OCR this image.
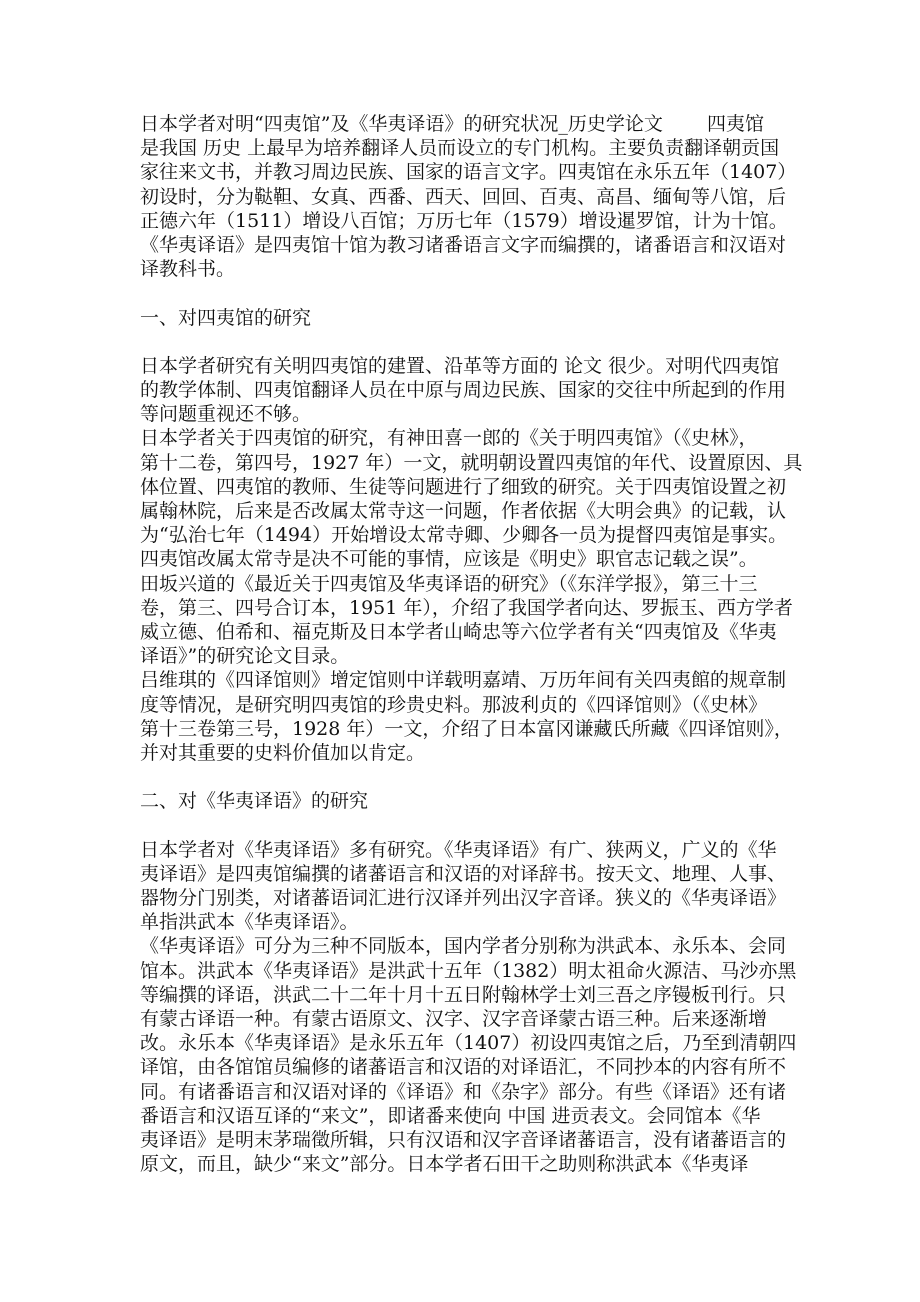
日本学者对明“四夷馆”及《华夷译语》的研究状况_历史学论文　　 四夷馆
是我国 历史 上最早为培养翻译人员而设立的专门机构。主要负责翻译朝贡国
家往来文书，并教习周边民族、国家的语言文字。四夷馆在永乐五年（1407）
初设时，分为鞑靼、女真、西番、西天、回回、百夷、高昌、缅甸等八馆，后
正德六年（1511）增设八百馆；万历七年（1579）增设暹罗馆，计为十馆。
《华夷译语》是四夷馆十馆为教习诸番语言文字而编撰的，诸番语言和汉语对
译教科书。
一、对四夷馆的研究
日本学者研究有关明四夷馆的建置、沿革等方面的 论文 很少。对明代四夷馆
的教学体制、四夷馆翻译人员在中原与周边民族、国家的交往中所起到的作用
等问题重视还不够。
日本学者关于四夷馆的研究，有神田喜一郎的《关于明四夷馆》（《史林》，
第十二卷，第四号，1927 年）一文，就明朝设置四夷馆的年代、设置原因、具
体位置、四夷馆的教师、生徒等问题进行了细致的研究。关于四夷馆设置之初
属翰林院，后来是否改属太常寺这一问题，作者依据《大明会典》的记载，认
为“弘治七年（1494）开始增设太常寺卿、少卿各一员为提督四夷馆是事实。
四夷馆改属太常寺是决不可能的事情，应该是《明史》职官志记载之误”。
田坂兴道的《最近关于四夷馆及华夷译语的研究》（《东洋学报》，第三十三
卷，第三、四号合订本，1951 年），介绍了我国学者向达、罗振玉、西方学者
威立德、伯希和、福克斯及日本学者山崎忠等六位学者有关“四夷馆及《华夷
译语》”的研究论文目录。
吕维琪的《四译馆则》增定馆则中详载明嘉靖、万历年间有关四夷館的规章制
度等情况，是研究明四夷馆的珍贵史料。那波利贞的《四译馆则》（《史林》
第十三卷第三号，1928 年）一文，介绍了日本富冈谦藏氏所藏《四译馆则》，
并对其重要的史料价值加以肯定。
二、对《华夷译语》的研究
日本学者对《华夷译语》多有研究。《华夷译语》有广、狭两义，广义的《华
夷译语》是四夷馆编撰的诸蕃语言和汉语的对译辞书。按天文、地理、人事、
器物分门别类，对诸蕃语词汇进行汉译并列出汉字音译。狭义的《华夷译语》
单指洪武本《华夷译语》。
《华夷译语》可分为三种不同版本，国内学者分别称为洪武本、永乐本、会同
馆本。洪武本《华夷译语》是洪武十五年（1382）明太祖命火源洁、马沙亦黑
等编撰的译语，洪武二十二年十月十五日附翰林学士刘三吾之序镘板刊行。只
有蒙古译语一种。有蒙古语原文、汉字、汉字音译蒙古语三种。后来逐渐增
改。永乐本《华夷译语》是永乐五年（1407）初设四夷馆之后，乃至到清朝四
译馆，由各馆馆员编修的诸蕃语言和汉语的对译语汇，不同抄本的内容有所不
同。有诸番语言和汉语对译的《译语》和《杂字》部分。有些《译语》还有诸
番语言和汉语互译的“来文”，即诸番来使向 中国 进贡表文。会同馆本《华
夷译语》是明末茅瑞徵所辑，只有汉语和汉字音译诸蕃语言，没有诸蕃语言的
原文，而且，缺少“来文”部分。日本学者石田干之助则称洪武本《华夷译
